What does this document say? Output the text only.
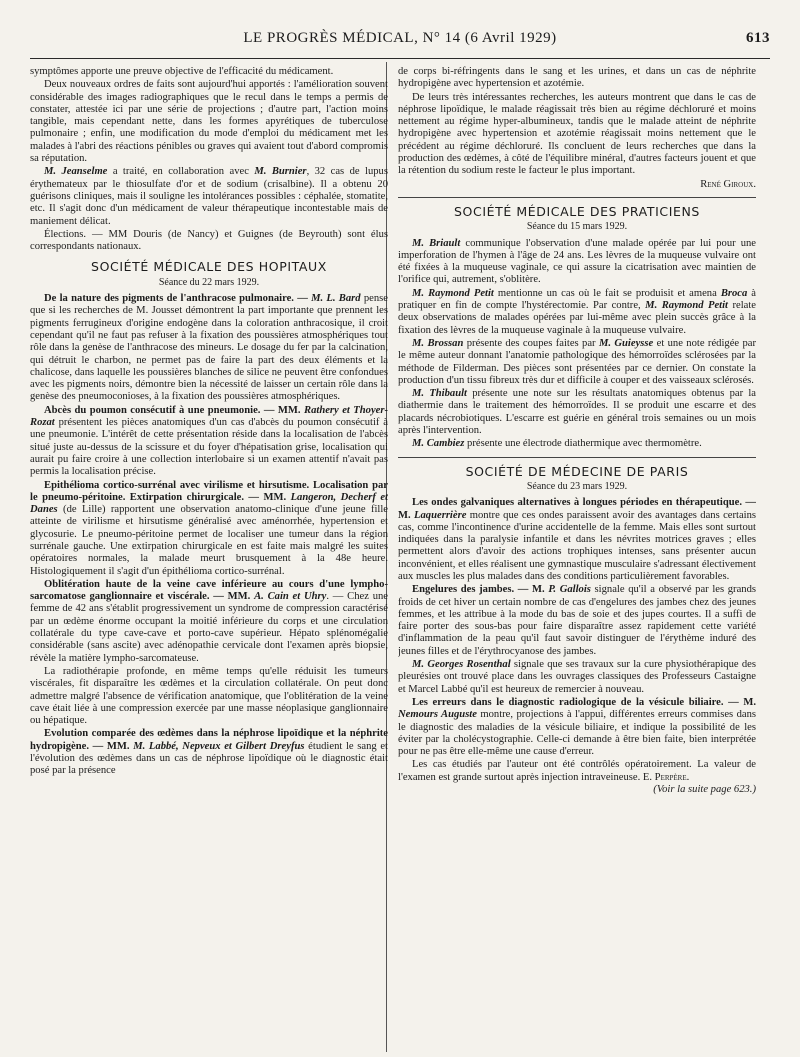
LE PROGRÈS MÉDICAL, N° 14 (6 Avril 1929)	613

symptômes apporte une preuve objective de l'efficacité du médicament.

Deux nouveaux ordres de faits sont aujourd'hui apportés : l'amélioration souvent considérable des images radiographiques que le recul dans le temps a permis de constater, attestée ici par une série de projections ; d'autre part, l'action moins tangible, mais cependant nette, dans les formes apyrétiques de tuberculose pulmonaire ; enfin, une modification du mode d'emploi du médicament met les malades à l'abri des réactions pénibles ou graves qui avaient tout d'abord compromis sa réputation.

M. Jeanselme a traité, en collaboration avec M. Burnier, 32 cas de lupus érythemateux par le thiosulfate d'or et de sodium (crisalbine). Il a obtenu 20 guérisons cliniques, mais il souligne les intolérances possibles : céphalée, stomatite, etc. Il s'agit donc d'un médicament de valeur thérapeutique incontestable mais de maniement délicat.

Élections. — MM Douris (de Nancy) et Guignes (de Beyrouth) sont élus correspondants nationaux.

SOCIÉTÉ MÉDICALE DES HOPITAUX
Séance du 22 mars 1929.

De la nature des pigments de l'anthracose pulmonaire. — M. L. Bard pense que si les recherches de M. Jousset démontrent la part importante que prennent les pigments ferrugineux d'origine endogène dans la coloration anthracosique, il croit cependant qu'il ne faut pas refuser à la fixation des poussières atmosphériques tout rôle dans la genèse de l'anthracose des mineurs. Le dosage du fer par la calcination, qui détruit le charbon, ne permet pas de faire la part des deux éléments et la chalicose, dans laquelle les poussières blanches de silice ne peuvent être confondues avec les pigments noirs, démontre bien la nécessité de laisser un certain rôle dans la genèse des pneumoconioses, à la fixation des poussières atmosphériques.

Abcès du poumon consécutif à une pneumonie. — MM. Rathery et Thoyer-Rozat présentent les pièces anatomiques d'un cas d'abcès du poumon consécutif à une pneumonie. L'intérêt de cette présentation réside dans la localisation de l'abcès situé juste au-dessus de la scissure et du foyer d'hépatisation grise, localisation qui aurait pu faire croire à une collection interlobaire si un examen attentif n'avait pas permis la localisation précise.

Epithélioma cortico-surrénal avec virilisme et hirsutisme. Localisation par le pneumo-péritoine. Extirpation chirurgicale. — MM. Langeron, Decherf et Danes (de Lille) rapportent une observation anatomo-clinique d'une jeune fille atteinte de virilisme et hirsutisme généralisé avec aménorrhée, hypertension et glycosurie. Le pneumo-péritoine permet de localiser une tumeur dans la région surrénale gauche. Une extirpation chirurgicale en est faite mais malgré les suites opératoires normales, la malade meurt brusquement à la 48e heure. Histologiquement il s'agit d'un épithélioma cortico-surrénal.

Oblitération haute de la veine cave inférieure au cours d'une lympho-sarcomatose ganglionnaire et viscérale. — MM. A. Cain et Uhry. — Chez une femme de 42 ans s'établit progressivement un syndrome de compression caractérisé par un œdème énorme occupant la moitié inférieure du corps et une circulation collatérale du type cave-cave et porto-cave supérieur. Hépato splénomégalie considérable (sans ascite) avec adénopathie cervicale dont l'examen après biopsie, révèle la matière lympho-sarcomateuse.

La radiothérapie profonde, en même temps qu'elle réduisit les tumeurs viscérales, fit disparaître les œdèmes et la circulation collatérale. On peut donc admettre malgré l'absence de vérification anatomique, que l'oblitération de la veine cave était liée à une compression exercée par une masse néoplasique ganglionnaire ou hépatique.

Evolution comparée des œdèmes dans la néphrose lipoïdique et la néphrite hydropigène. — MM. M. Labbé, Nepveux et Gilbert Dreyfus étudient le sang et l'évolution des œdèmes dans un cas de néphrose lipoïdique où le diagnostic était posé par la présence

de corps bi-réfringents dans le sang et les urines, et dans un cas de néphrite hydropigène avec hypertension et azotémie.

De leurs très intéressantes recherches, les auteurs montrent que dans le cas de néphrose lipoïdique, le malade réagissait très bien au régime déchloruré et moins nettement au régime hyper-albumineux, tandis que le malade atteint de néphrite hydropigène avec hypertension et azotémie réagissait moins nettement que le précédent au régime déchloruré. Ils concluent de leurs recherches que dans la production des œdèmes, à côté de l'équilibre minéral, d'autres facteurs jouent et que la rétention du sodium reste le facteur le plus important.

René Giroux.
SOCIÉTÉ MÉDICALE DES PRATICIENS
Séance du 15 mars 1929.

M. Briault communique l'observation d'une malade opérée par lui pour une imperforation de l'hymen à l'âge de 24 ans. Les lèvres de la muqueuse vulvaire ont été fixées à la muqueuse vaginale, ce qui assure la cicatrisation avec maintien de l'orifice qui, autrement, s'oblitère.

M. Raymond Petit mentionne un cas où le fait se produisit et amena Broca à pratiquer en fin de compte l'hystérectomie. Par contre, M. Raymond Petit relate deux observations de malades opérées par lui-même avec plein succès grâce à la fixation des lèvres de la muqueuse vaginale à la muqueuse vulvaire.

M. Brossan présente des coupes faites par M. Guieysse et une note rédigée par le même auteur donnant l'anatomie pathologique des hémorroïdes sclérosées par la méthode de Filderman. Des pièces sont présentées par ce dernier. On constate la production d'un tissu fibreux très dur et difficile à couper et des vaisseaux sclérosés.

M. Thibault présente une note sur les résultats anatomiques obtenus par la diathermie dans le traitement des hémorroïdes. Il se produit une escarre et des placards nécrobiotiques. L'escarre est guérie en général trois semaines ou un mois après l'intervention.

M. Cambiez présente une électrode diathermique avec thermomètre.

SOCIÉTÉ DE MÉDECINE DE PARIS
Séance du 23 mars 1929.

Les ondes galvaniques alternatives à longues périodes en thérapeutique. — M. Laquerrière montre que ces ondes paraissent avoir des avantages dans certains cas, comme l'incontinence d'urine accidentelle de la femme. Mais elles sont surtout indiquées dans la paralysie infantile et dans les névrites motrices graves ; elles permettent alors d'avoir des actions trophiques intenses, sans présenter aucun inconvénient, et elles réalisent une gymnastique musculaire s'adressant électivement aux muscles les plus malades dans des conditions particulièrement favorables.

Engelures des jambes. — M. P. Gallois signale qu'il a observé par les grands froids de cet hiver un certain nombre de cas d'engelures des jambes chez des jeunes femmes, et les attribue à la mode du bas de soie et des jupes courtes. Il a suffi de faire porter des sous-bas pour faire disparaître assez rapidement cette variété d'inflammation de la peau qu'il faut savoir distinguer de l'érythème induré des jeunes filles et de l'érythrocyanose des jambes.

M. Georges Rosenthal signale que ses travaux sur la cure physiothérapique des pleurésies ont trouvé place dans les ouvrages classiques des Professeurs Castaigne et Marcel Labbé qu'il est heureux de remercier à nouveau.

Les erreurs dans le diagnostic radiologique de la vésicule biliaire. — M. Nemours Auguste montre, projections à l'appui, différentes erreurs commises dans le diagnostic des maladies de la vésicule biliaire, et indique la possibilité de les éviter par la cholécystographie. Celle-ci demande à être bien faite, bien interprétée pour ne pas être elle-même une cause d'erreur.

Les cas étudiés par l'auteur ont été contrôlés opératoirement. La valeur de l'examen est grande surtout après injection intraveineuse. E. Perpère.
(Voir la suite page 623.)
